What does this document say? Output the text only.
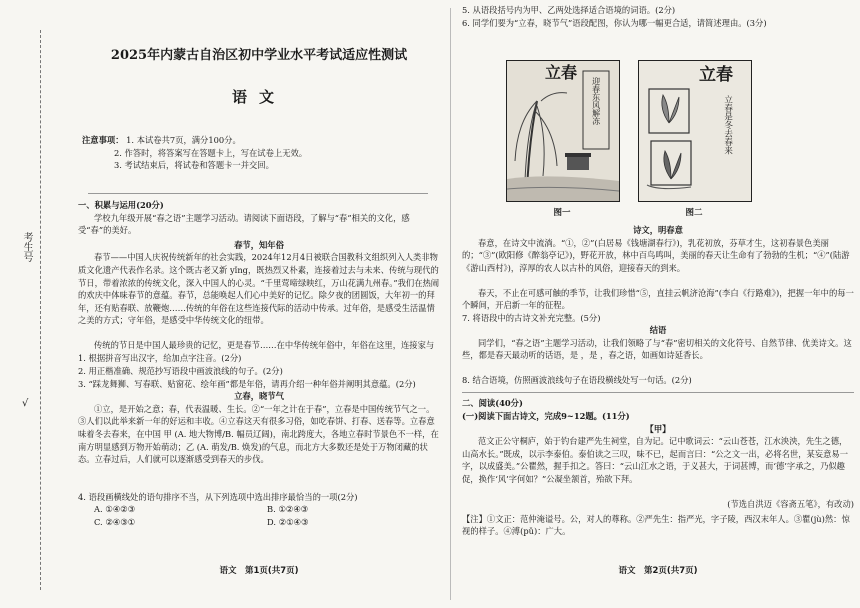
考生号
√
2025年内蒙古自治区初中学业水平考试适应性测试
语文
注意事项： 1. 本试卷共7页，满分100分。
2. 作答时，将答案写在答题卡上，写在试卷上无效。
3. 考试结束后，将试卷和答题卡一并交回。
一、积累与运用(20分)
学校九年级开展“春之语”主题学习活动。请阅读下面语段，了解与“春”相关的文化，感受“春”的美好。
春节，知年俗
春节——中国人庆祝传统新年的社会实践，2024年12月4日被联合国教科文组织列入人类非物质文化遗产代表作名录。这个既古老又新 yǐng，既热烈又朴素，连接着过去与未来、传统与现代的节日，带着浓浓的传统文化，深入中国人的心灵。“千里莺啼绿映红，万山花满九州春。”我们在热闹的欢庆中体味春节的意蕴。春节，总能唤起人们心中美好的记忆。除夕夜的团圆饭，大年初一的拜年，还有贴春联、放鞭炮……传统的年俗在这些连接代际的活动中传承。过年俗，是感受生活温情之美的方式；守年俗，是感受中华传统文化的纽带。
传统的节日是中国人最珍贵的记忆，更是春节……在中华传统年俗中，年俗在这里，连接家与
1. 根据拼音写出汉字，给加点字注音。(2分)
2. 用正楷准确、规范抄写语段中画波浪线的句子。(2分)
3. “踩龙舞狮、写春联、贴窗花、绘年画”都是年俗，请再介绍一种年俗并阐明其意蕴。(2分)
立春，晓节气
①立，是开始之意；春，代表温暖、生长。②“一年之计在于春”，立春是中国传统节气之一。③人们以此举来新一年的好运和丰收。④立春这天有很多习俗，如吃春饼、打春、送春等。立春意味着冬去春来，在中国 甲 (A. 地大物博/B. 幅员辽阔)，南北跨度大，各地立春时节景色不一样，在南方明显感到万物开始萌动；乙 (A. 萌发/B. 焕发)的气息，而北方大多数还是处于万物闭藏的状态。立春过后，人们就可以逐渐感受到春天的步伐。
4. 语段画横线处的语句排序不当，从下列选项中选出排序最恰当的一项(2分)
A. ①④②③	B. ①②④③
C. ②④③①	D. ②①④③
语文　第1页(共7页)
5. 从语段括号内为甲、乙两处选择适合语境的词语。(2分)
6. 同学们要为“立春，晓节气”语段配图，你认为哪一幅更合适，请简述理由。(3分)
立春
迎春东风解冻
立春
立春是冬去春来
图一	图二
诗文，明春意
春意，在诗文中流淌。“①，②”(白居易《钱塘湖春行》)，乳花初放，芬草才生，这初春景色美丽的；“③”(欧阳修《醉翁亭记》)，野花开放，林中百鸟鸣叫，美丽的春天让生命有了勃勃的生机；“④”(陆游《游山西村》)，淳厚的农人以古朴的风俗，迎接春天的到来。
春天，不止在可感可触的季节，让我们珍惜“⑤，直挂云帆济沧海”(李白《行路难》)，把握一年中的每一个瞬间，开启新一年的征程。
7. 将语段中的古诗文补充完整。(5分)
结语
同学们，“春之语”主题学习活动，让我们领略了与“春”密切相关的文化符号、自然节律、优美诗文。这些，都是春天最动听的话语，是 ，是 ，春之语，如画如诗延香长。
8. 结合语境，仿照画波浪线句子在语段横线处写一句话。(2分)
二、阅读(40分)
(一)阅读下面古诗文，完成9~12题。(11分)
【甲】
范文正公守桐庐，始于钓台建严先生祠堂，自为记。记中歌词云：“云山苍苍，江水泱泱，先生之德，山高水长。”既成，以示李泰伯。泰伯读之三叹，味不已，起而言曰：“公之文一出，必将名世，某妄意易一字，以成盛美。”公瞿然，握手扣之。答曰：“云山江水之语，于义甚大，于词甚博，而‘德’字承之，乃似趣促，换作‘风’字何如？”公凝坐颔首，殆欲下拜。
(节选自洪迈《容斋五笔》，有改动)
【注】①文正：范仲淹谥号。公，对人的尊称。②严先生：指严光，字子陵，西汉末年人。③瞿(jù)然：惊视的样子。④溥(pǔ)：广大。
语文　第2页(共7页)
